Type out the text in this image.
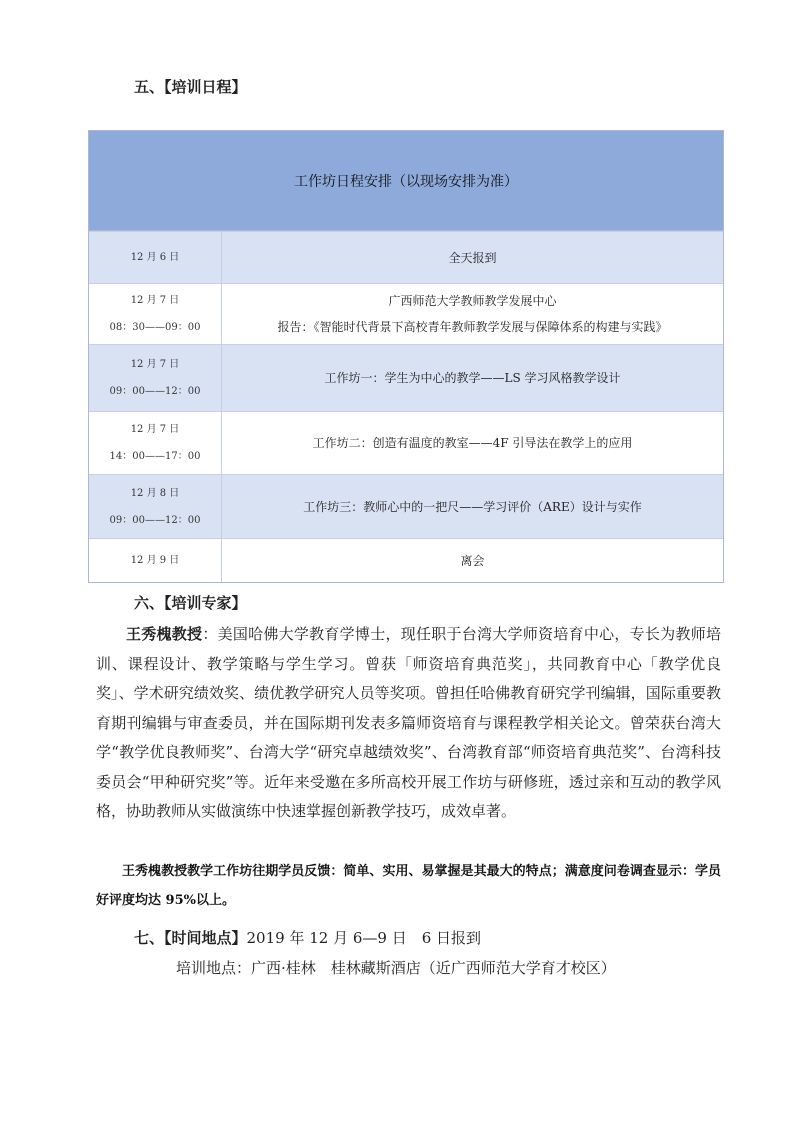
五、【培训日程】
工作坊日程安排（以现场安排为准）
12 月 6 日	全天报到
12 月 7 日
08：30——09：00
广西师范大学教师教学发展中心
报告：《智能时代背景下高校青年教师教学发展与保障体系的构建与实践》
12 月 7 日
09：00——12：00
工作坊一：学生为中心的教学——LS 学习风格教学设计
12 月 7 日
14：00——17：00
工作坊二：创造有温度的教室——4F 引导法在教学上的应用
12 月 8 日
09：00——12：00
工作坊三：教师心中的一把尺——学习评价（ARE）设计与实作
12 月 9 日	离会
六、【培训专家】
王秀槐教授：美国哈佛大学教育学博士，现任职于台湾大学师资培育中心，专长为教师培训、课程设计、教学策略与学生学习。曾获「师资培育典范奖」，共同教育中心「教学优良奖」、学术研究绩效奖、绩优教学研究人员等奖项。曾担任哈佛教育研究学刊编辑，国际重要教育期刊编辑与审查委员，并在国际期刊发表多篇师资培育与课程教学相关论文。曾荣获台湾大学“教学优良教师奖”、台湾大学“研究卓越绩效奖”、台湾教育部“师资培育典范奖”、台湾科技委员会“甲种研究奖”等。近年来受邀在多所高校开展工作坊与研修班，透过亲和互动的教学风格，协助教师从实做演练中快速掌握创新教学技巧，成效卓著。
王秀槐教授教学工作坊往期学员反馈：简单、实用、易掌握是其最大的特点；满意度问卷调查显示：学员好评度均达 95%以上。
七、【时间地点】2019 年 12 月 6—9 日　6 日报到
培训地点：广西·桂林　桂林藏斯酒店（近广西师范大学育才校区）
